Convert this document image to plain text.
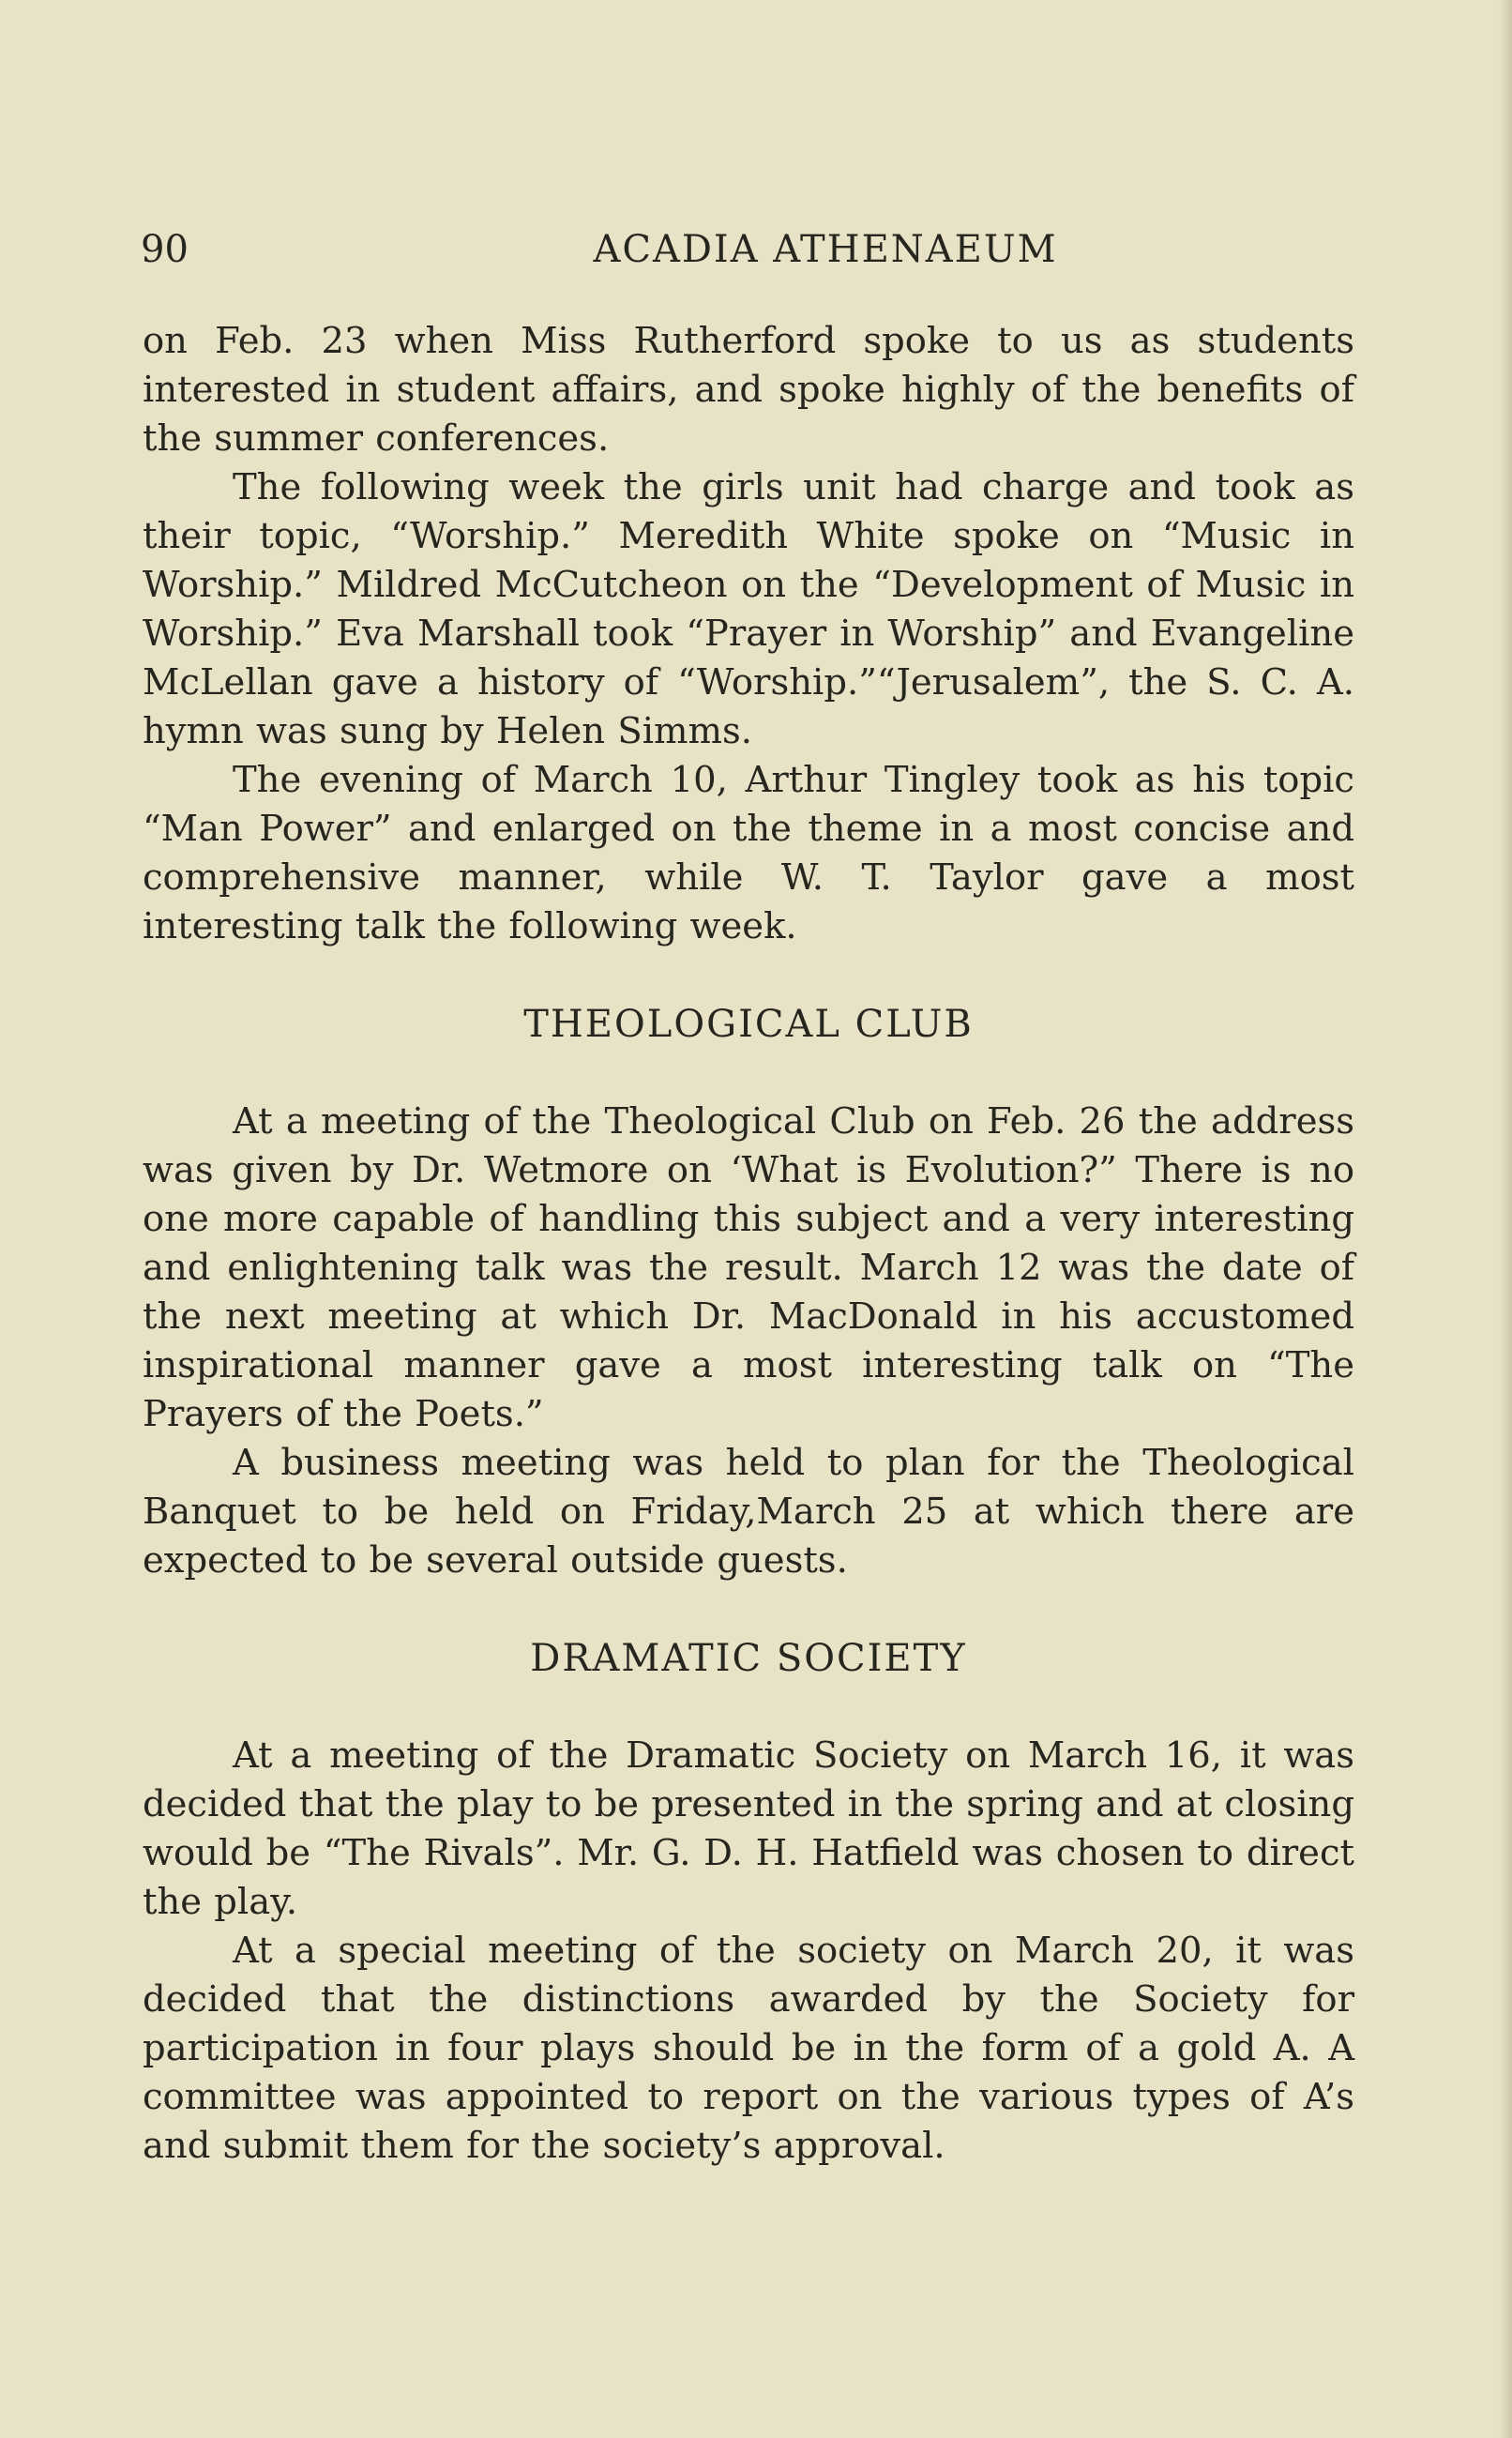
90	ACADIA ATHENAEUM

on Feb. 23 when Miss Rutherford spoke to us as students interested in student affairs, and spoke highly of the benefits of the summer conferences.

The following week the girls unit had charge and took as their topic, “Worship.” Meredith White spoke on “Music in Worship.” Mildred McCutcheon on the “Development of Music in Worship.” Eva Marshall took “Prayer in Worship” and Evangeline McLellan gave a history of “Worship.”“Jerusalem”, the S. C. A. hymn was sung by Helen Simms.

The evening of March 10, Arthur Tingley took as his topic “Man Power” and enlarged on the theme in a most concise and comprehensive manner, while W. T. Taylor gave a most interesting talk the following week.

THEOLOGICAL CLUB

At a meeting of the Theological Club on Feb. 26 the address was given by Dr. Wetmore on ‘What is Evolution?” There is no one more capable of handling this subject and a very interesting and enlightening talk was the result. March 12 was the date of the next meeting at which Dr. MacDonald in his accustomed inspirational manner gave a most interesting talk on “The Prayers of the Poets.”

A business meeting was held to plan for the Theological Banquet to be held on Friday,March 25 at which there are expected to be several outside guests.

DRAMATIC SOCIETY

At a meeting of the Dramatic Society on March 16, it was decided that the play to be presented in the spring and at closing would be “The Rivals”. Mr. G. D. H. Hatfield was chosen to direct the play.

At a special meeting of the society on March 20, it was decided that the distinctions awarded by the Society for participation in four plays should be in the form of a gold A. A committee was appointed to report on the various types of A’s and submit them for the society’s approval.
